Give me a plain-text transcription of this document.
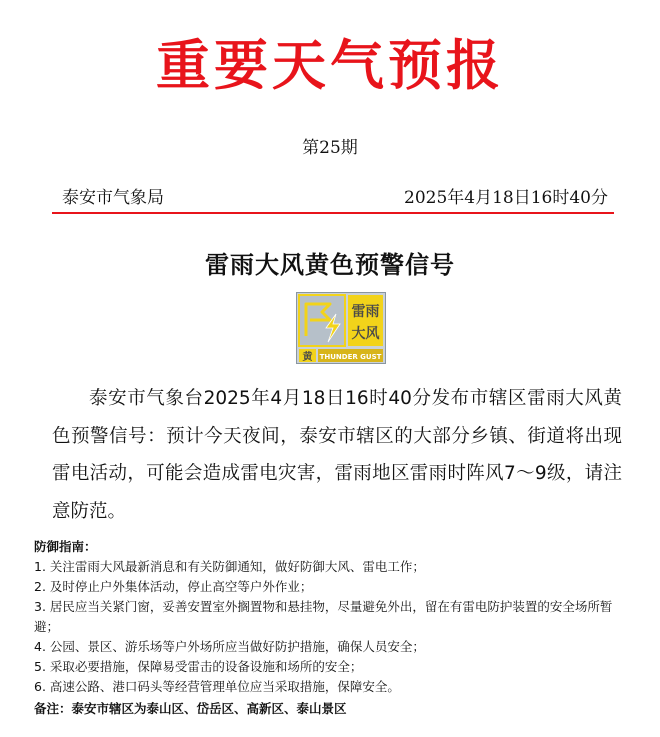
重要天气预报
第25期
泰安市气象局	2025年4月18日16时40分
雷雨大风黄色预警信号
雷雨
大风
黄 THUNDER GUST
泰安市气象台2025年4月18日16时40分发布市辖区雷雨大风黄色预警信号：预计今天夜间，泰安市辖区的大部分乡镇、街道将出现雷电活动，可能会造成雷电灾害，雷雨地区雷雨时阵风7～9级，请注意防范。
防御指南：
1. 关注雷雨大风最新消息和有关防御通知，做好防御大风、雷电工作；
2. 及时停止户外集体活动，停止高空等户外作业；
3. 居民应当关紧门窗，妥善安置室外搁置物和悬挂物，尽量避免外出，留在有雷电防护装置的安全场所暂避；
4. 公园、景区、游乐场等户外场所应当做好防护措施，确保人员安全；
5. 采取必要措施，保障易受雷击的设备设施和场所的安全；
6. 高速公路、港口码头等经营管理单位应当采取措施，保障安全。
备注：泰安市辖区为泰山区、岱岳区、高新区、泰山景区
